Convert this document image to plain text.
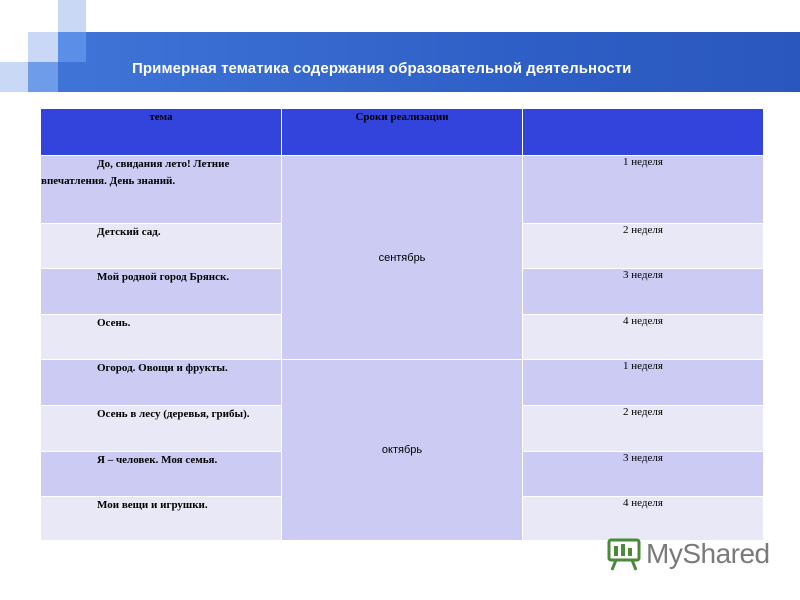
Примерная тематика содержания образовательной деятельности
тема	Сроки реализации	
До, свидания лето! Летние впечатления. День знаний.	сентябрь	1 неделя
Детский сад.		2 неделя
Мой родной город Брянск.		3 неделя
Осень.		4 неделя
Огород. Овощи и фрукты.	октябрь	1 неделя
Осень в лесу (деревья, грибы).		2 неделя
Я – человек. Моя семья.		3 неделя
Мои вещи и игрушки.		4 неделя
MyShared
